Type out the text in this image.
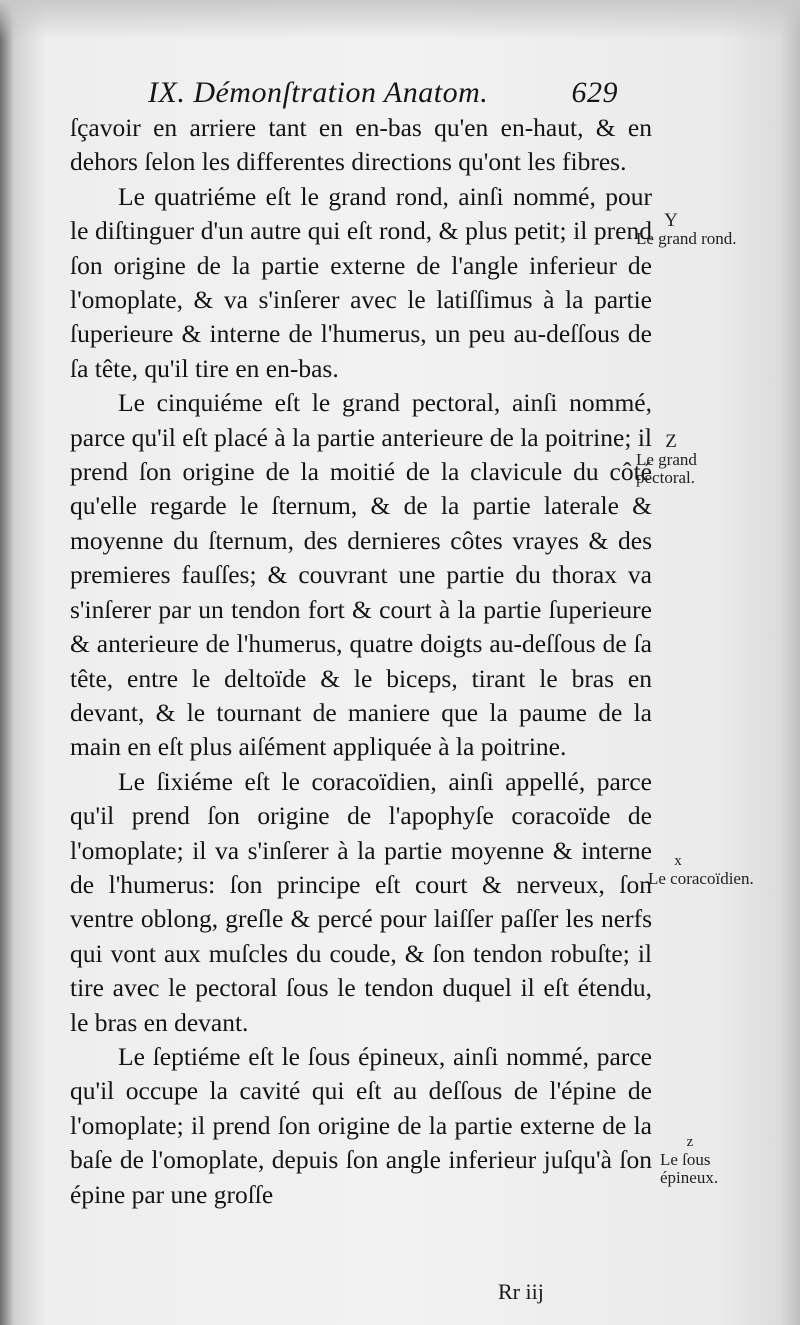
IX. Démonſtration Anatom.	629

ſçavoir en arriere tant en en-bas qu'en en-haut, & en dehors ſelon les differentes directions qu'ont les fibres.

Le quatriéme eſt le grand rond, ainſi nommé, pour le diſtinguer d'un autre qui eſt rond, & plus petit; il prend ſon origine de la partie externe de l'angle inferieur de l'omoplate, & va s'inſerer avec le latiſſimus à la partie ſuperieure & interne de l'humerus, un peu au-deſſous de ſa tête, qu'il tire en en-bas.

Le cinquiéme eſt le grand pectoral, ainſi nommé, parce qu'il eſt placé à la partie anterieure de la poitrine; il prend ſon origine de la moitié de la clavicule du côté qu'elle regarde le ſternum, & de la partie laterale & moyenne du ſternum, des dernieres côtes vrayes & des premieres fauſſes; & couvrant une partie du thorax va s'inſerer par un tendon fort & court à la partie ſuperieure & anterieure de l'humerus, quatre doigts au-deſſous de ſa tête, entre le deltoïde & le biceps, tirant le bras en devant, & le tournant de maniere que la paume de la main en eſt plus aiſément appliquée à la poitrine.

Le ſixiéme eſt le coracoïdien, ainſi appellé, parce qu'il prend ſon origine de l'apophyſe coracoïde de l'omoplate; il va s'inſerer à la partie moyenne & interne de l'humerus: ſon principe eſt court & nerveux, ſon ventre oblong, greſle & percé pour laiſſer paſſer les nerfs qui vont aux muſcles du coude, & ſon tendon robuſte; il tire avec le pectoral ſous le tendon duquel il eſt étendu, le bras en devant.

Le ſeptiéme eſt le ſous épineux, ainſi nommé, parce qu'il occupe la cavité qui eſt au deſſous de l'épine de l'omoplate; il prend ſon origine de la partie externe de la baſe de l'omoplate, depuis ſon angle inferieur juſqu'à ſon épine par une groſſe

Y
Le grand rond.
Z
Le grand pectoral.
x
Le coracoïdien.
z
Le ſous épineux.
Rr iij
